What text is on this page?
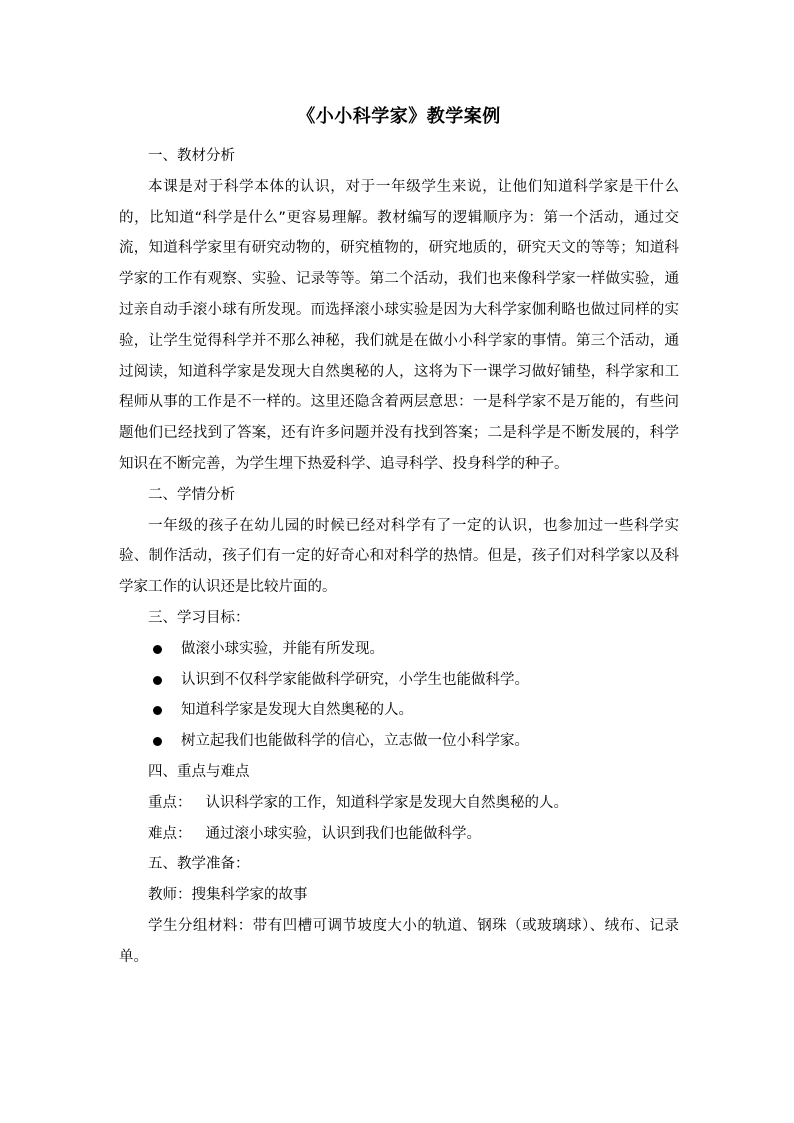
《小小科学家》教学案例

一、教材分析

本课是对于科学本体的认识，对于一年级学生来说，让他们知道科学家是干什么的，比知道“科学是什么”更容易理解。教材编写的逻辑顺序为：第一个活动，通过交流，知道科学家里有研究动物的，研究植物的，研究地质的，研究天文的等等；知道科学家的工作有观察、实验、记录等等。第二个活动，我们也来像科学家一样做实验，通过亲自动手滚小球有所发现。而选择滚小球实验是因为大科学家伽利略也做过同样的实验，让学生觉得科学并不那么神秘，我们就是在做小小科学家的事情。第三个活动，通过阅读，知道科学家是发现大自然奥秘的人，这将为下一课学习做好铺垫，科学家和工程师从事的工作是不一样的。这里还隐含着两层意思：一是科学家不是万能的，有些问题他们已经找到了答案，还有许多问题并没有找到答案；二是科学是不断发展的，科学知识在不断完善，为学生埋下热爱科学、追寻科学、投身科学的种子。

二、学情分析

一年级的孩子在幼儿园的时候已经对科学有了一定的认识，也参加过一些科学实验、制作活动，孩子们有一定的好奇心和对科学的热情。但是，孩子们对科学家以及科学家工作的认识还是比较片面的。

三、学习目标：

做滚小球实验，并能有所发现。
认识到不仅科学家能做科学研究，小学生也能做科学。
知道科学家是发现大自然奥秘的人。
树立起我们也能做科学的信心，立志做一位小科学家。

四、重点与难点

重点： 认识科学家的工作，知道科学家是发现大自然奥秘的人。

难点： 通过滚小球实验，认识到我们也能做科学。

五、教学准备：

教师：搜集科学家的故事

学生分组材料：带有凹槽可调节坡度大小的轨道、钢珠（或玻璃球）、绒布、记录单。
